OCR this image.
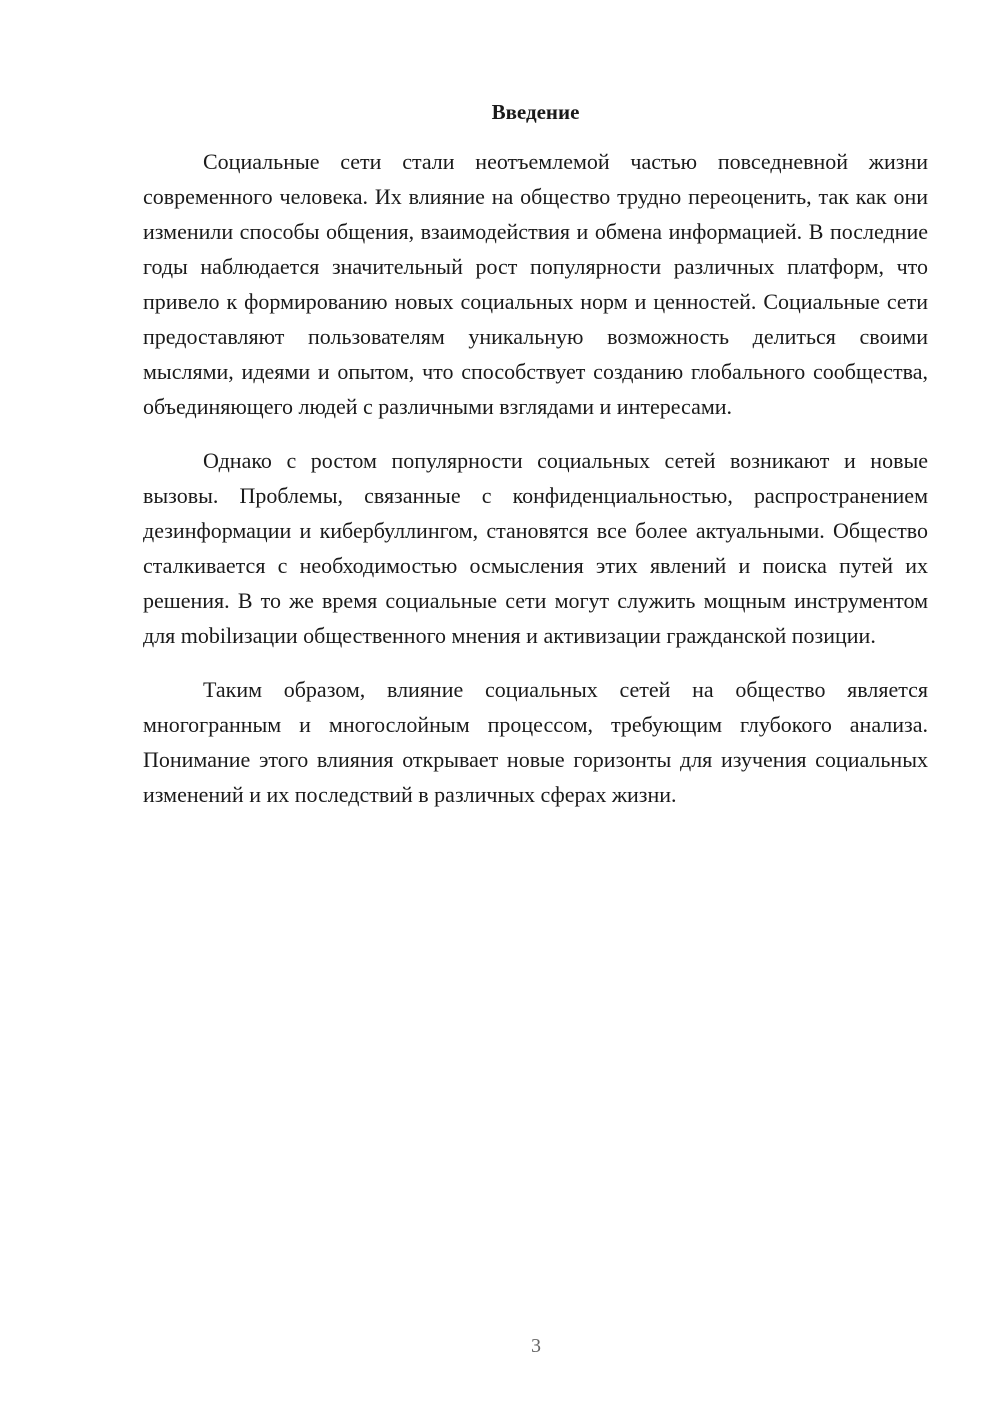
Введение

Социальные сети стали неотъемлемой частью повседневной жизни современного человека. Их влияние на общество трудно переоценить, так как они изменили способы общения, взаимодействия и обмена информацией. В последние годы наблюдается значительный рост популярности различных платформ, что привело к формированию новых социальных норм и ценностей. Социальные сети предоставляют пользователям уникальную возможность делиться своими мыслями, идеями и опытом, что способствует созданию глобального сообщества, объединяющего людей с различными взглядами и интересами.

Однако с ростом популярности социальных сетей возникают и новые вызовы. Проблемы, связанные с конфиденциальностью, распространением дезинформации и кибербуллингом, становятся все более актуальными. Общество сталкивается с необходимостью осмысления этих явлений и поиска путей их решения. В то же время социальные сети могут служить мощным инструментом для mobilизации общественного мнения и активизации гражданской позиции.

Таким образом, влияние социальных сетей на общество является многогранным и многослойным процессом, требующим глубокого анализа. Понимание этого влияния открывает новые горизонты для изучения социальных изменений и их последствий в различных сферах жизни.

3
